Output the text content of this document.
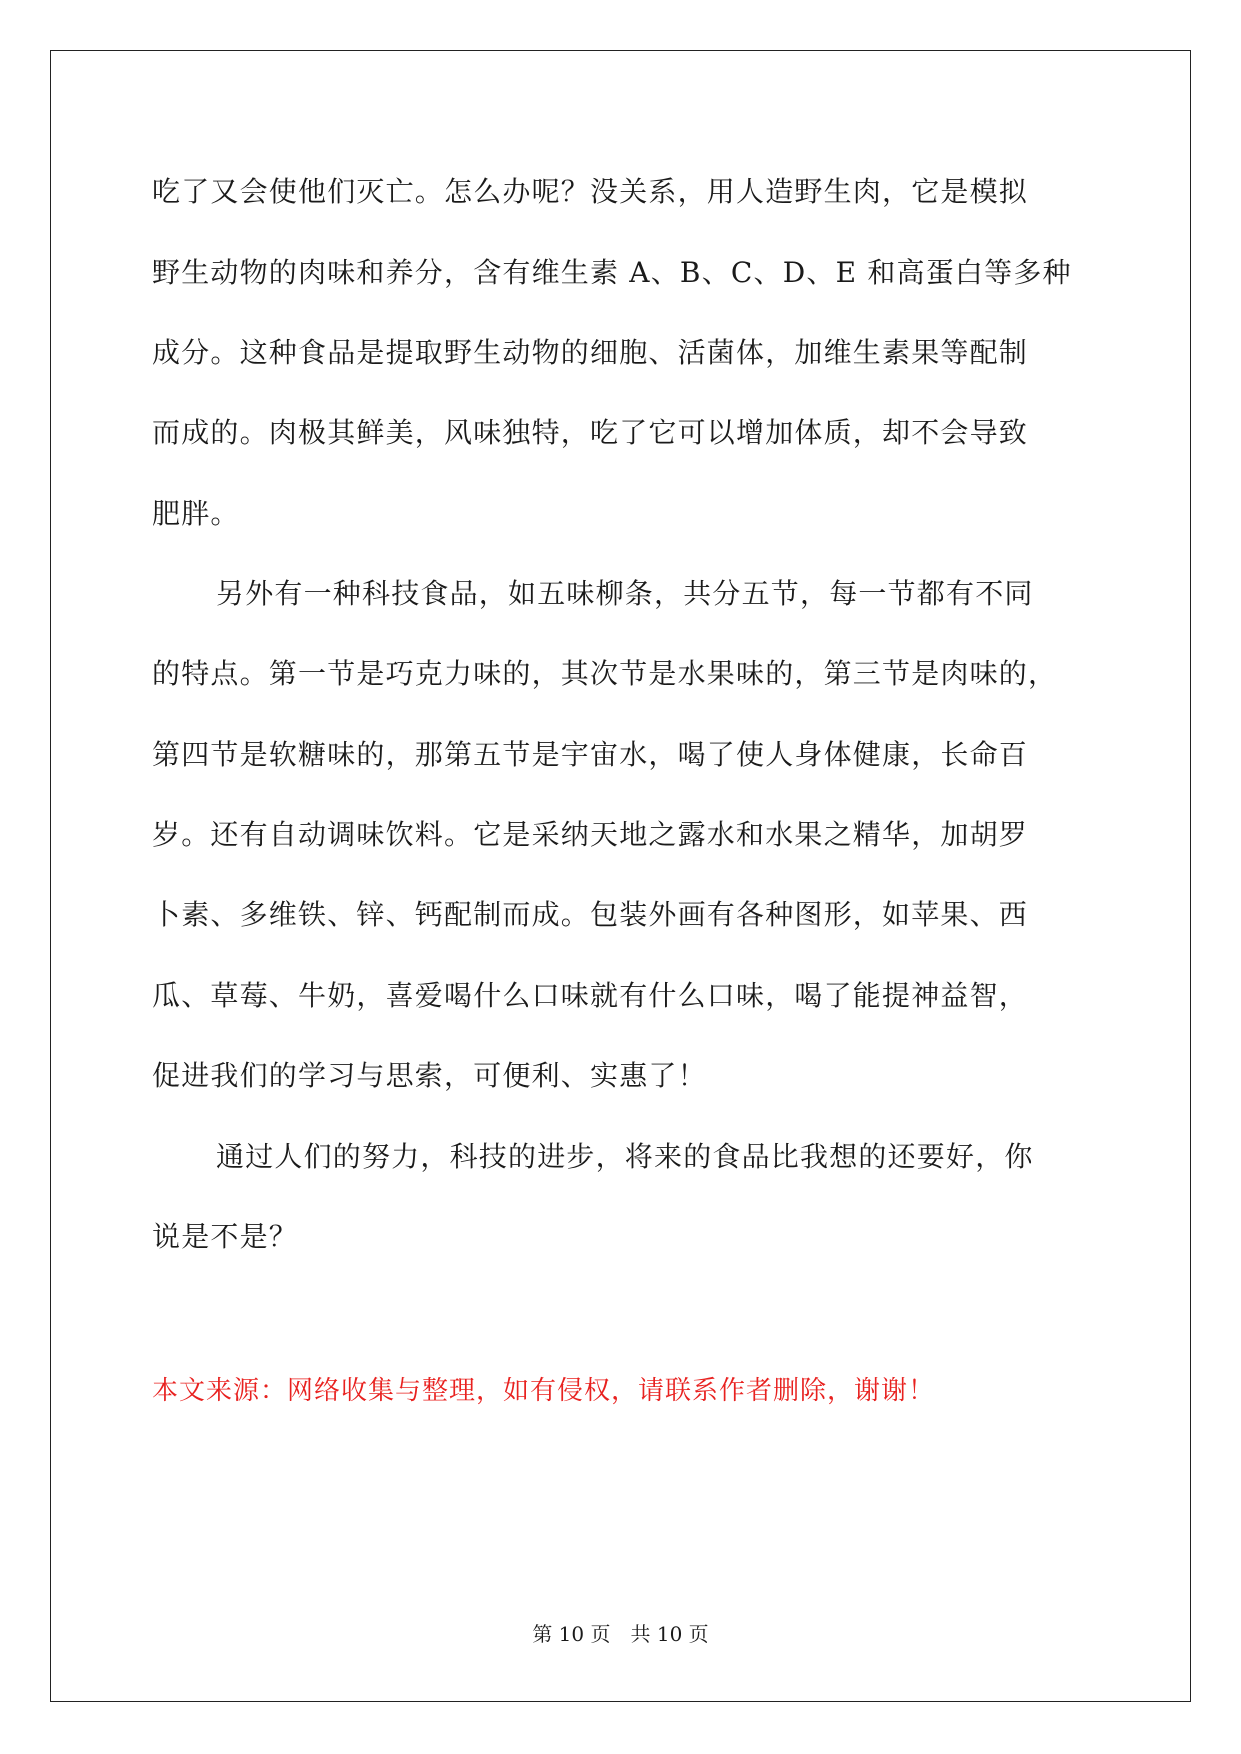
吃了又会使他们灭亡。怎么办呢？没关系，用人造野生肉，它是模拟
野生动物的肉味和养分，含有维生素 A、B、C、D、E 和高蛋白等多种
成分。这种食品是提取野生动物的细胞、活菌体，加维生素果等配制
而成的。肉极其鲜美，风味独特，吃了它可以增加体质，却不会导致
肥胖。
另外有一种科技食品，如五味柳条，共分五节，每一节都有不同
的特点。第一节是巧克力味的，其次节是水果味的，第三节是肉味的，
第四节是软糖味的，那第五节是宇宙水，喝了使人身体健康，长命百
岁。还有自动调味饮料。它是采纳天地之露水和水果之精华，加胡罗
卜素、多维铁、锌、钙配制而成。包装外画有各种图形，如苹果、西
瓜、草莓、牛奶，喜爱喝什么口味就有什么口味，喝了能提神益智，
促进我们的学习与思索，可便利、实惠了！
通过人们的努力，科技的进步，将来的食品比我想的还要好，你
说是不是？
本文来源：网络收集与整理，如有侵权，请联系作者删除，谢谢！
第 10 页　共 10 页
